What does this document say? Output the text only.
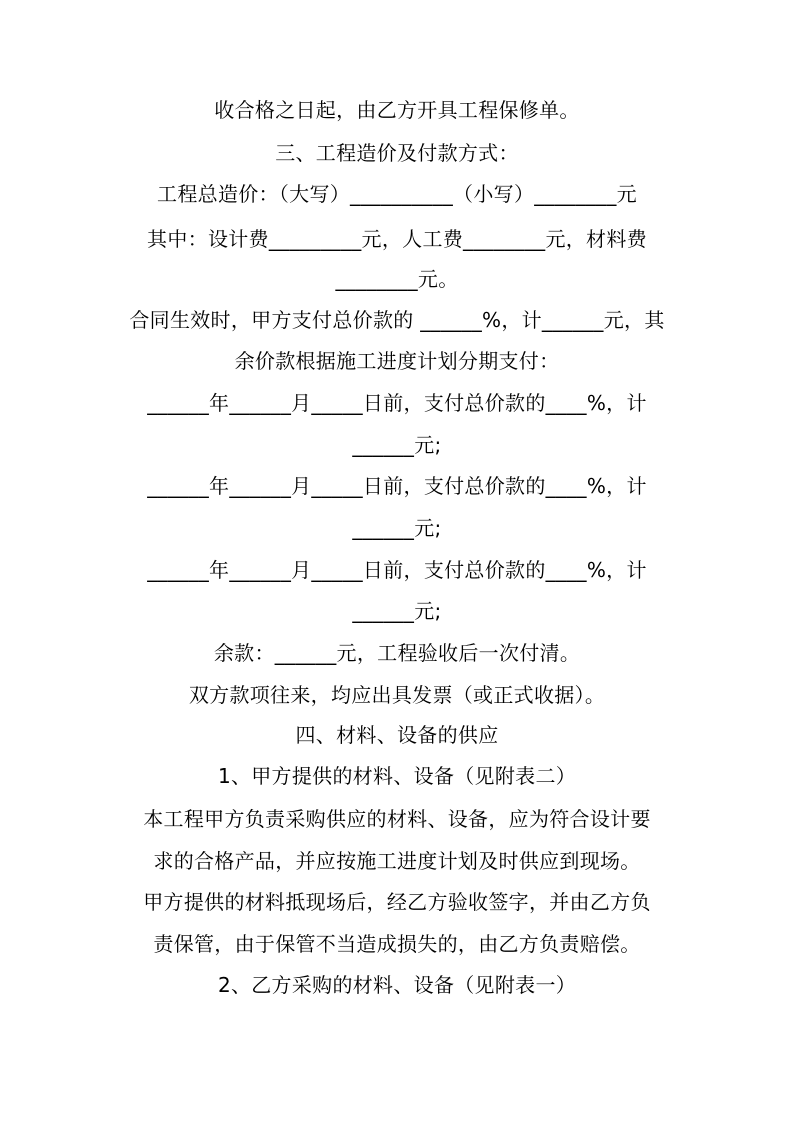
收合格之日起，由乙方开具工程保修单。
三、工程造价及付款方式：
工程总造价：（大写）__________（小写）________元
其中：设计费_________元，人工费________元，材料费
________元。
合同生效时，甲方支付总价款的 ______%，计______元，其
余价款根据施工进度计划分期支付：
______年______月_____日前，支付总价款的____%，计
______元;
______年______月_____日前，支付总价款的____%，计
______元;
______年______月_____日前，支付总价款的____%，计
______元;
余款：______元，工程验收后一次付清。
双方款项往来，均应出具发票（或正式收据）。
四、材料、设备的供应
1、甲方提供的材料、设备（见附表二）
本工程甲方负责采购供应的材料、设备，应为符合设计要
求的合格产品，并应按施工进度计划及时供应到现场。
甲方提供的材料抵现场后，经乙方验收签字，并由乙方负
责保管，由于保管不当造成损失的，由乙方负责赔偿。
2、乙方采购的材料、设备（见附表一）
